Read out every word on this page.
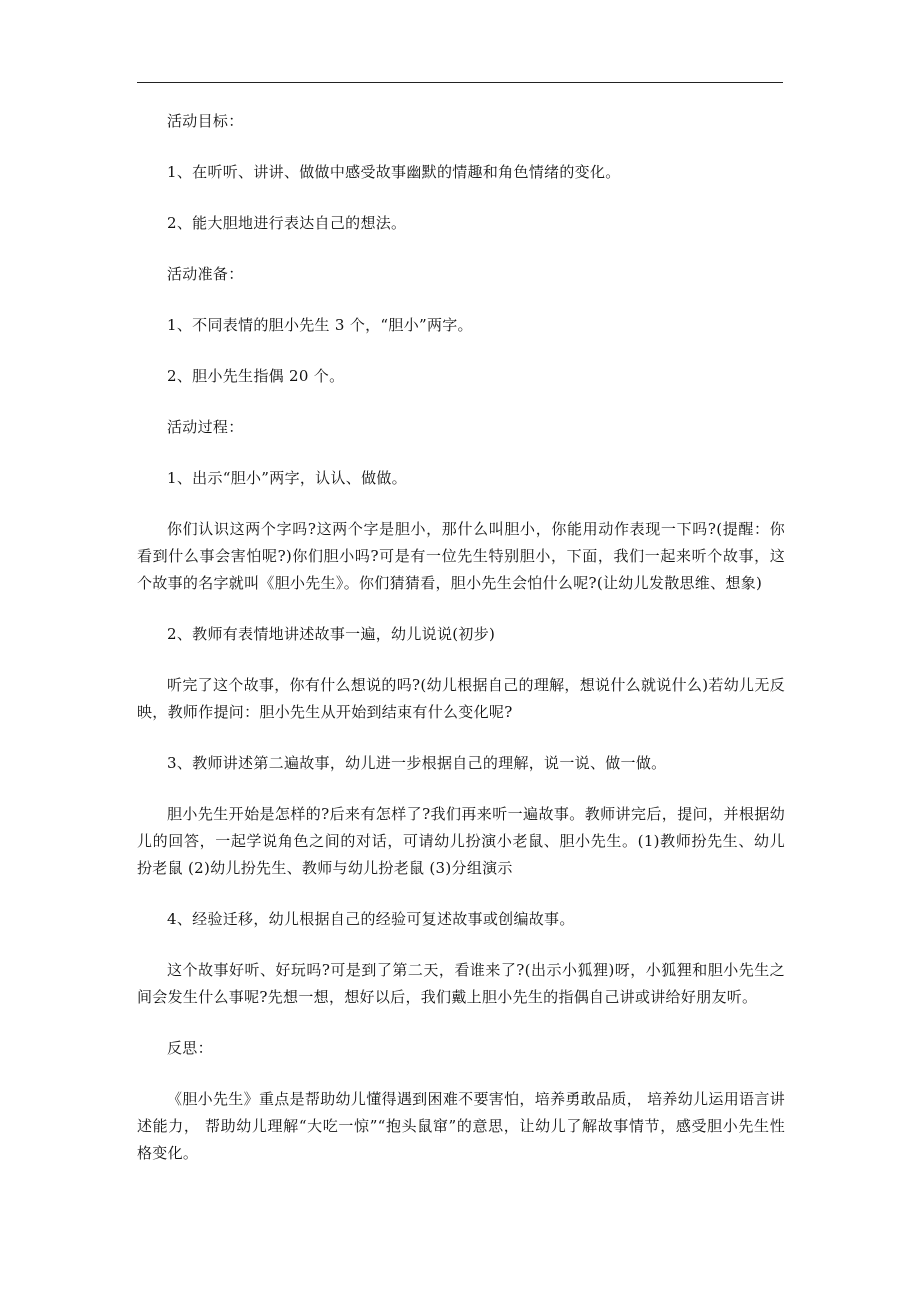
活动目标：

1、在听听、讲讲、做做中感受故事幽默的情趣和角色情绪的变化。

2、能大胆地进行表达自己的想法。

活动准备：

1、不同表情的胆小先生 3 个，“胆小”两字。

2、胆小先生指偶 20 个。

活动过程：

1、出示“胆小”两字，认认、做做。

你们认识这两个字吗?这两个字是胆小，那什么叫胆小，你能用动作表现一下吗?(提醒：你看到什么事会害怕呢?)你们胆小吗?可是有一位先生特别胆小，下面，我们一起来听个故事，这个故事的名字就叫《胆小先生》。你们猜猜看，胆小先生会怕什么呢?(让幼儿发散思维、想象)

2、教师有表情地讲述故事一遍，幼儿说说(初步)

听完了这个故事，你有什么想说的吗?(幼儿根据自己的理解，想说什么就说什么)若幼儿无反映，教师作提问：胆小先生从开始到结束有什么变化呢?

3、教师讲述第二遍故事，幼儿进一步根据自己的理解，说一说、做一做。

胆小先生开始是怎样的?后来有怎样了?我们再来听一遍故事。教师讲完后，提问，并根据幼儿的回答，一起学说角色之间的对话，可请幼儿扮演小老鼠、胆小先生。(1)教师扮先生、幼儿扮老鼠 (2)幼儿扮先生、教师与幼儿扮老鼠 (3)分组演示

4、经验迁移，幼儿根据自己的经验可复述故事或创编故事。

这个故事好听、好玩吗?可是到了第二天，看谁来了?(出示小狐狸)呀，小狐狸和胆小先生之间会发生什么事呢?先想一想，想好以后，我们戴上胆小先生的指偶自己讲或讲给好朋友听。

反思：

《胆小先生》重点是帮助幼儿懂得遇到困难不要害怕，培养勇敢品质， 培养幼儿运用语言讲述能力， 帮助幼儿理解“大吃一惊”“抱头鼠窜”的意思，让幼儿了解故事情节，感受胆小先生性格变化。
